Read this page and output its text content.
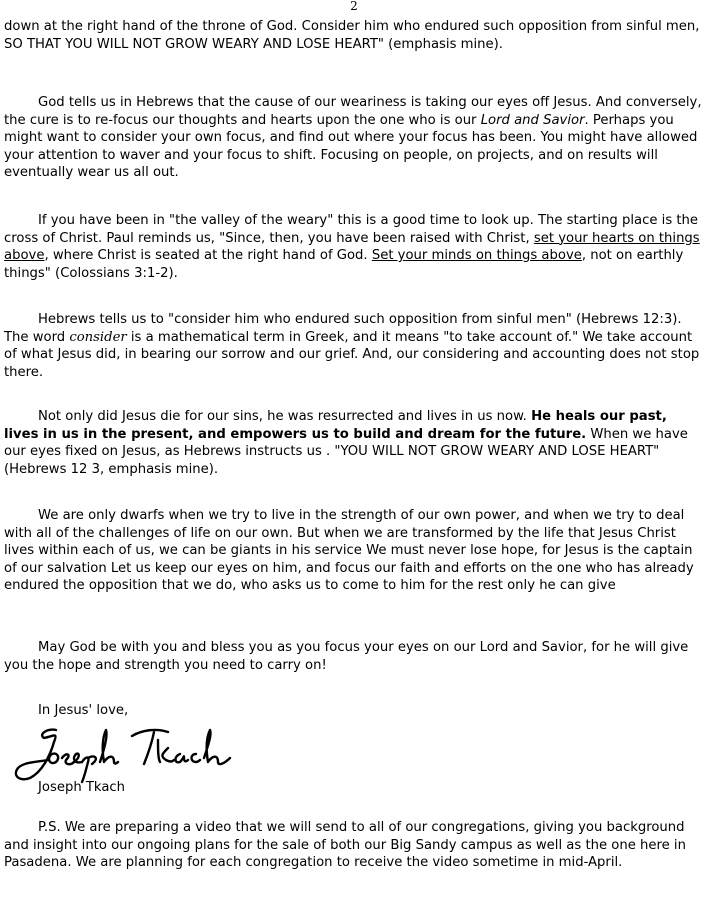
2

down at the right hand of the throne of God. Consider him who endured such opposition from sinful men, SO THAT YOU WILL NOT GROW WEARY AND LOSE HEART" (emphasis mine).

God tells us in Hebrews that the cause of our weariness is taking our eyes off Jesus. And conversely, the cure is to re-focus our thoughts and hearts upon the one who is our Lord and Savior. Perhaps you might want to consider your own focus, and find out where your focus has been. You might have allowed your attention to waver and your focus to shift. Focusing on people, on projects, and on results will eventually wear us all out.

If you have been in "the valley of the weary" this is a good time to look up. The starting place is the cross of Christ. Paul reminds us, "Since, then, you have been raised with Christ, set your hearts on things above, where Christ is seated at the right hand of God. Set your minds on things above, not on earthly things" (Colossians 3:1-2).

Hebrews tells us to "consider him who endured such opposition from sinful men" (Hebrews 12:3). The word consider is a mathematical term in Greek, and it means "to take account of." We take account of what Jesus did, in bearing our sorrow and our grief. And, our considering and accounting does not stop there.

Not only did Jesus die for our sins, he was resurrected and lives in us now. He heals our past, lives in us in the present, and empowers us to build and dream for the future. When we have our eyes fixed on Jesus, as Hebrews instructs us . "YOU WILL NOT GROW WEARY AND LOSE HEART" (Hebrews 12 3, emphasis mine).

We are only dwarfs when we try to live in the strength of our own power, and when we try to deal with all of the challenges of life on our own. But when we are transformed by the life that Jesus Christ lives within each of us, we can be giants in his service We must never lose hope, for Jesus is the captain of our salvation Let us keep our eyes on him, and focus our faith and efforts on the one who has already endured the opposition that we do, who asks us to come to him for the rest only he can give

May God be with you and bless you as you focus your eyes on our Lord and Savior, for he will give you the hope and strength you need to carry on!

In Jesus' love,

Joseph Tkach

P.S. We are preparing a video that we will send to all of our congregations, giving you background and insight into our ongoing plans for the sale of both our Big Sandy campus as well as the one here in Pasadena. We are planning for each congregation to receive the video sometime in mid-April.
